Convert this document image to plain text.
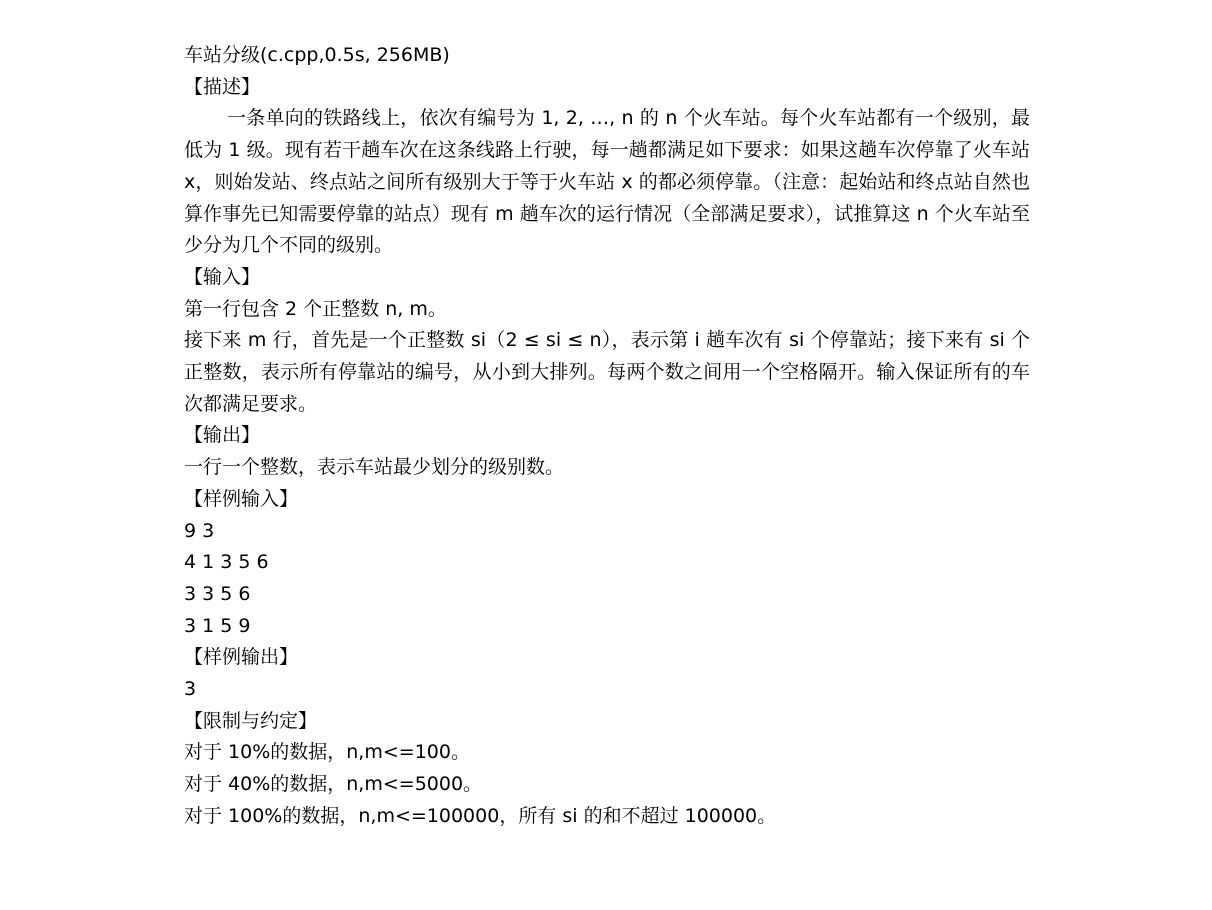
车站分级(c.cpp,0.5s, 256MB)
【描述】
一条单向的铁路线上，依次有编号为 1, 2, …, n 的 n 个火车站。每个火车站都有一个级别，最低为 1 级。现有若干趟车次在这条线路上行驶，每一趟都满足如下要求：如果这趟车次停靠了火车站 x，则始发站、终点站之间所有级别大于等于火车站 x 的都必须停靠。（注意：起始站和终点站自然也算作事先已知需要停靠的站点）现有 m 趟车次的运行情况（全部满足要求），试推算这 n 个火车站至少分为几个不同的级别。
【输入】
第一行包含 2 个正整数 n, m。
接下来 m 行，首先是一个正整数 si（2 ≤ si ≤ n），表示第 i 趟车次有 si 个停靠站；接下来有 si 个正整数，表示所有停靠站的编号，从小到大排列。每两个数之间用一个空格隔开。输入保证所有的车次都满足要求。
【输出】
一行一个整数，表示车站最少划分的级别数。
【样例输入】
9 3
4 1 3 5 6
3 3 5 6
3 1 5 9
【样例输出】
3
【限制与约定】
对于 10%的数据，n,m<=100。
对于 40%的数据，n,m<=5000。
对于 100%的数据，n,m<=100000，所有 si 的和不超过 100000。
